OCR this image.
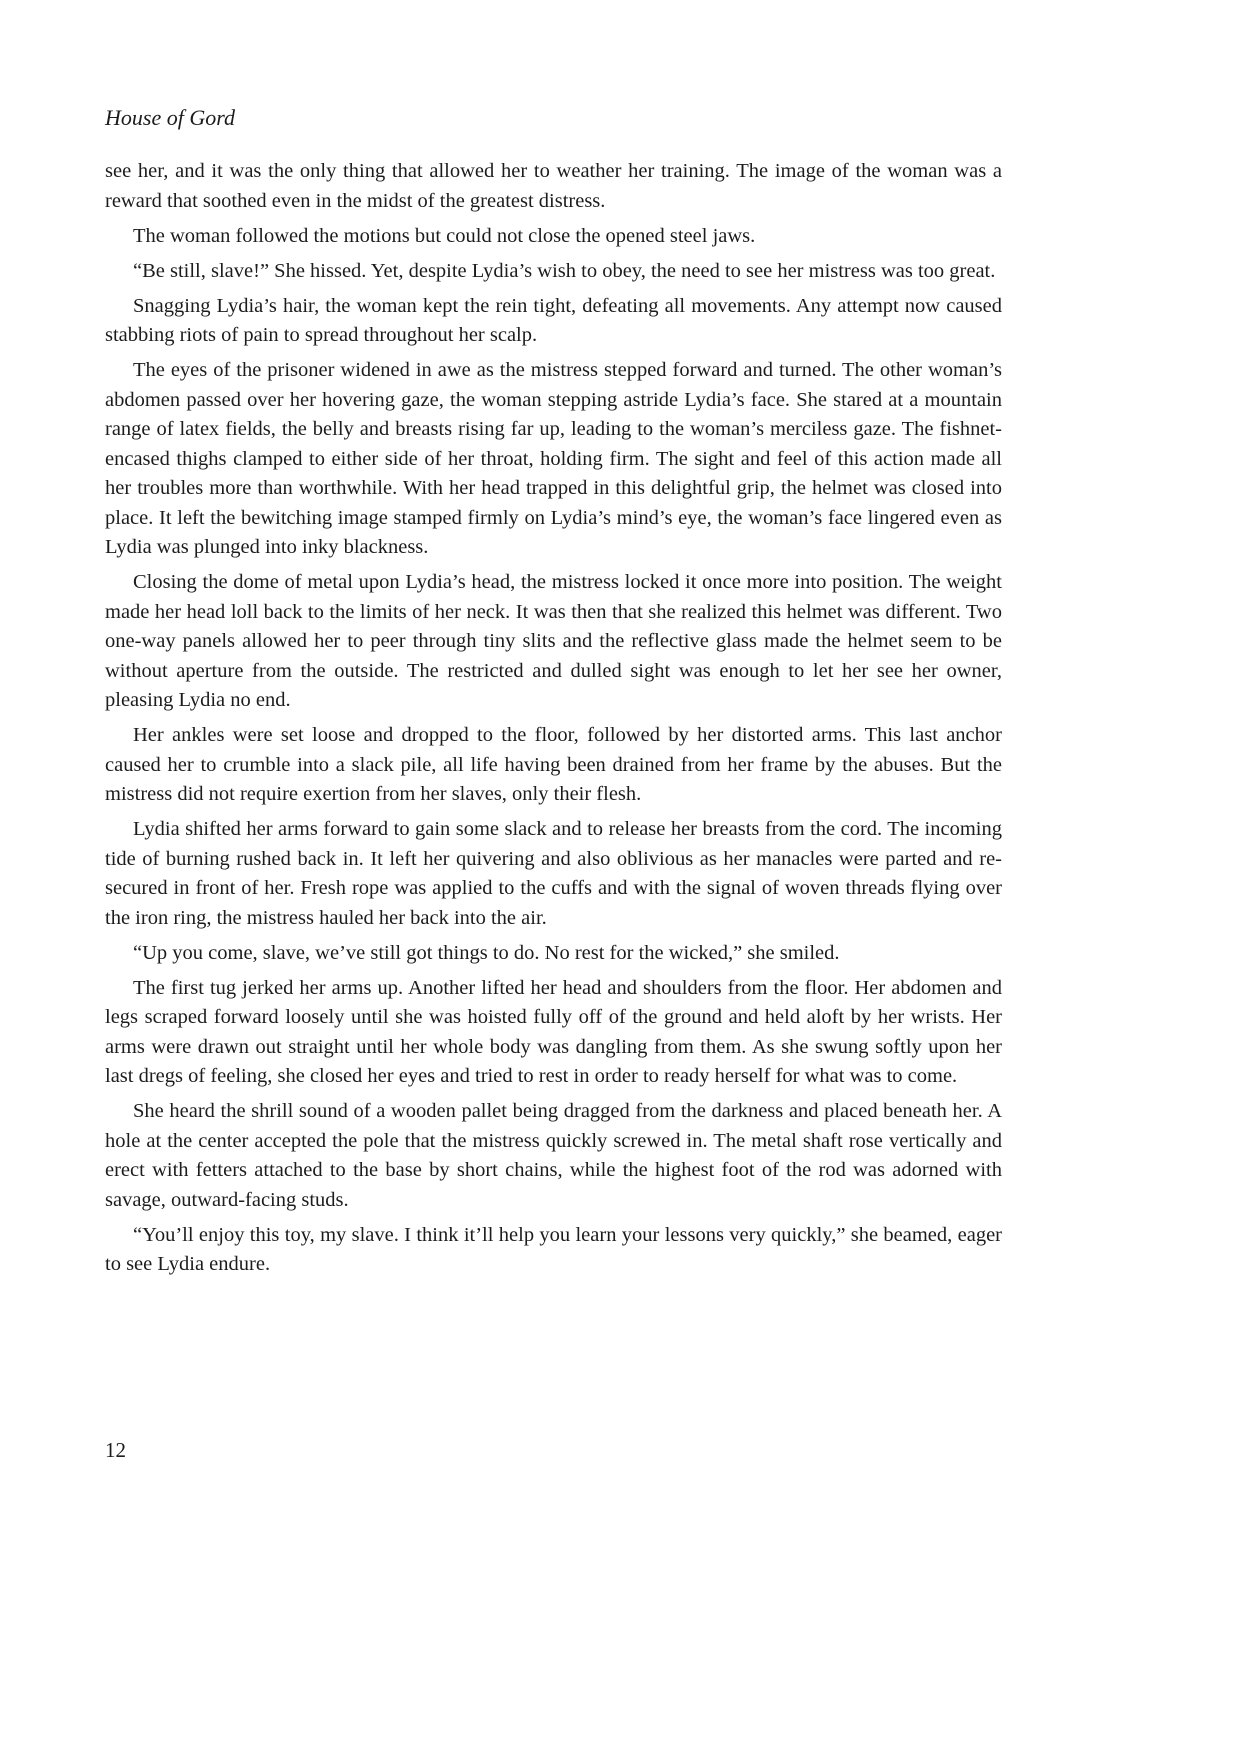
House of Gord

see her, and it was the only thing that allowed her to weather her training. The image of the woman was a reward that soothed even in the midst of the greatest distress.

The woman followed the motions but could not close the opened steel jaws.

“Be still, slave!” She hissed. Yet, despite Lydia’s wish to obey, the need to see her mistress was too great.

Snagging Lydia’s hair, the woman kept the rein tight, defeating all movements. Any attempt now caused stabbing riots of pain to spread throughout her scalp.

The eyes of the prisoner widened in awe as the mistress stepped forward and turned. The other woman’s abdomen passed over her hovering gaze, the woman stepping astride Lydia’s face. She stared at a mountain range of latex fields, the belly and breasts rising far up, leading to the woman’s merciless gaze. The fishnet-encased thighs clamped to either side of her throat, holding firm. The sight and feel of this action made all her troubles more than worthwhile. With her head trapped in this delightful grip, the helmet was closed into place. It left the bewitching image stamped firmly on Lydia’s mind’s eye, the woman’s face lingered even as Lydia was plunged into inky blackness.

Closing the dome of metal upon Lydia’s head, the mistress locked it once more into position. The weight made her head loll back to the limits of her neck. It was then that she realized this helmet was different. Two one-way panels allowed her to peer through tiny slits and the reflective glass made the helmet seem to be without aperture from the outside. The restricted and dulled sight was enough to let her see her owner, pleasing Lydia no end.

Her ankles were set loose and dropped to the floor, followed by her distorted arms. This last anchor caused her to crumble into a slack pile, all life having been drained from her frame by the abuses. But the mistress did not require exertion from her slaves, only their flesh.

Lydia shifted her arms forward to gain some slack and to release her breasts from the cord. The incoming tide of burning rushed back in. It left her quivering and also oblivious as her manacles were parted and re-secured in front of her. Fresh rope was applied to the cuffs and with the signal of woven threads flying over the iron ring, the mistress hauled her back into the air.

“Up you come, slave, we’ve still got things to do. No rest for the wicked,” she smiled.

The first tug jerked her arms up. Another lifted her head and shoulders from the floor. Her abdomen and legs scraped forward loosely until she was hoisted fully off of the ground and held aloft by her wrists. Her arms were drawn out straight until her whole body was dangling from them. As she swung softly upon her last dregs of feeling, she closed her eyes and tried to rest in order to ready herself for what was to come.

She heard the shrill sound of a wooden pallet being dragged from the darkness and placed beneath her. A hole at the center accepted the pole that the mistress quickly screwed in. The metal shaft rose vertically and erect with fetters attached to the base by short chains, while the highest foot of the rod was adorned with savage, outward-facing studs.

“You’ll enjoy this toy, my slave. I think it’ll help you learn your lessons very quickly,” she beamed, eager to see Lydia endure.

12
